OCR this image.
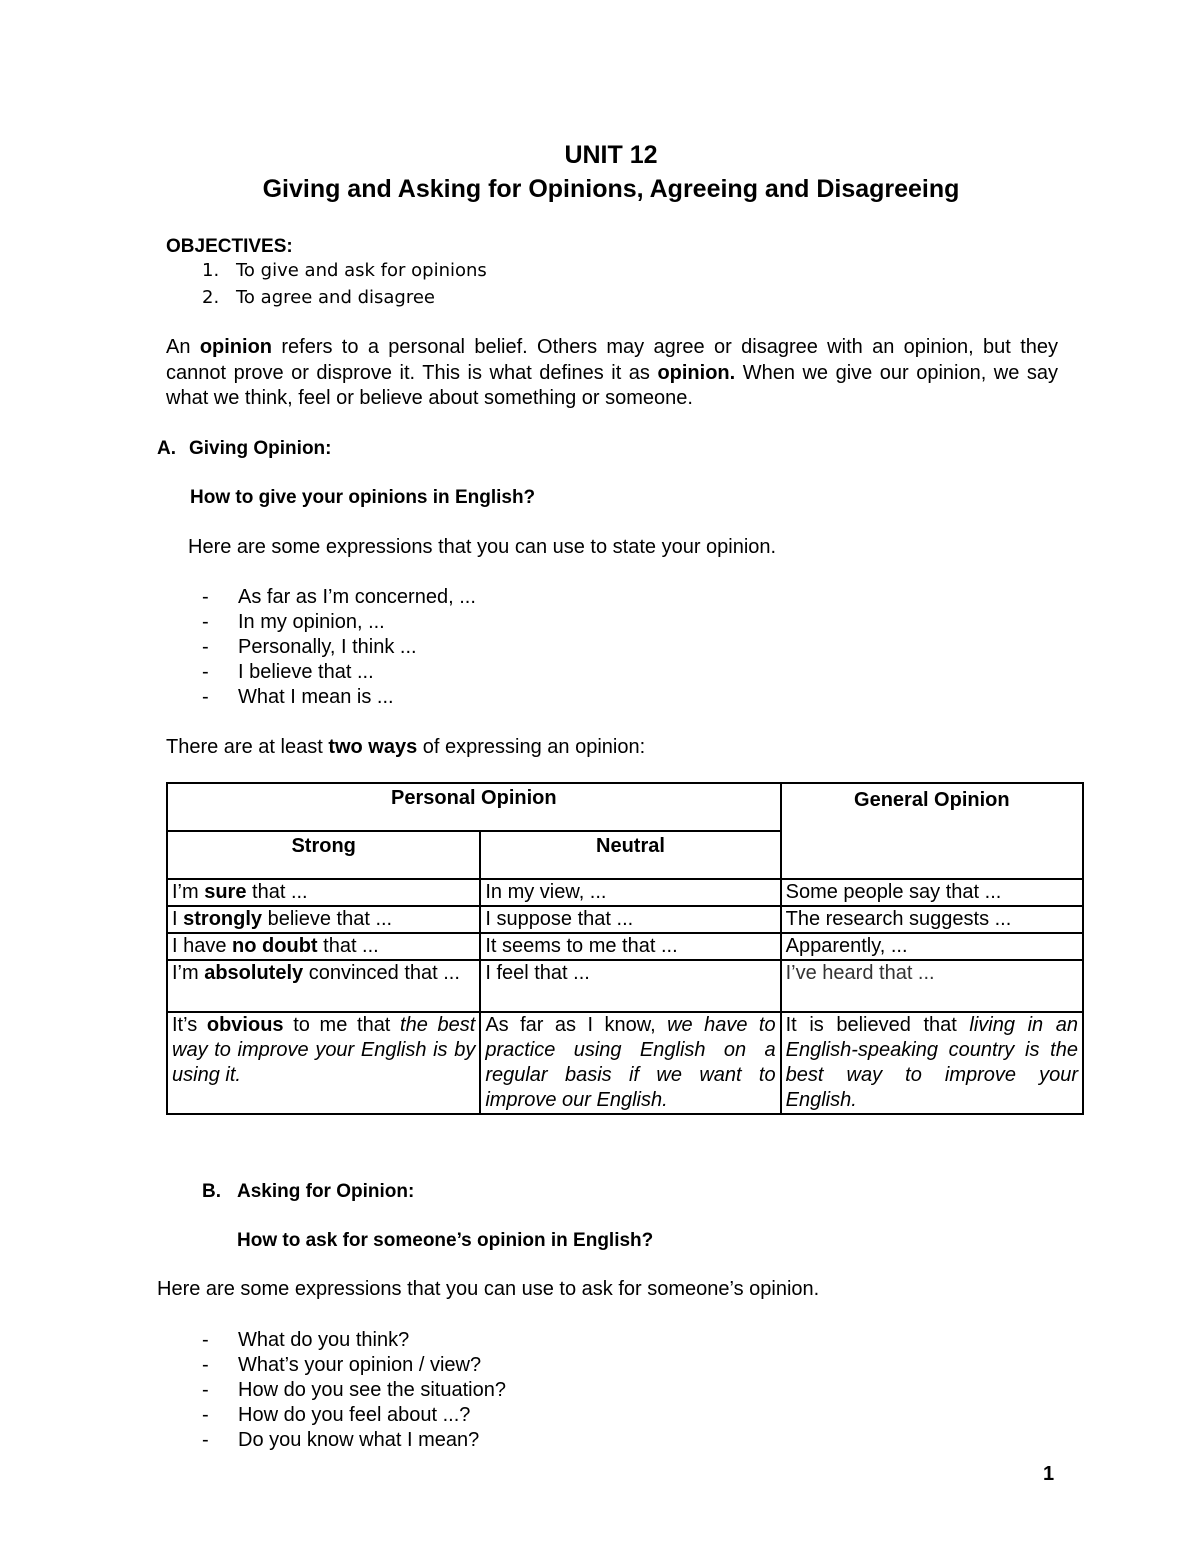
UNIT 12
Giving and Asking for Opinions, Agreeing and Disagreeing
OBJECTIVES:
1. To give and ask for opinions
2. To agree and disagree
An opinion refers to a personal belief. Others may agree or disagree with an opinion, but they cannot prove or disprove it. This is what defines it as opinion. When we give our opinion, we say what we think, feel or believe about something or someone.
A. Giving Opinion:
How to give your opinions in English?
Here are some expressions that you can use to state your opinion.
- As far as I’m concerned, ...
- In my opinion, ...
- Personally, I think ...
- I believe that ...
- What I mean is ...
There are at least two ways of expressing an opinion:
Personal Opinion		General Opinion
Strong	Neutral	
I’m sure that ...	In my view, ...	Some people say that ...
I strongly believe that ...	I suppose that ...	The research suggests ...
I have no doubt that ...	It seems to me that ...	Apparently, ...
I’m absolutely convinced that ...	I feel that ...	I’ve heard that ...
It’s obvious to me that the best way to improve your English is by using it.	As far as I know, we have to practice using English on a regular basis if we want to improve our English.	It is believed that living in an English-speaking country is the best way to improve your English.
B. Asking for Opinion:
How to ask for someone’s opinion in English?
Here are some expressions that you can use to ask for someone’s opinion.
- What do you think?
- What’s your opinion / view?
- How do you see the situation?
- How do you feel about ...?
- Do you know what I mean?
1
